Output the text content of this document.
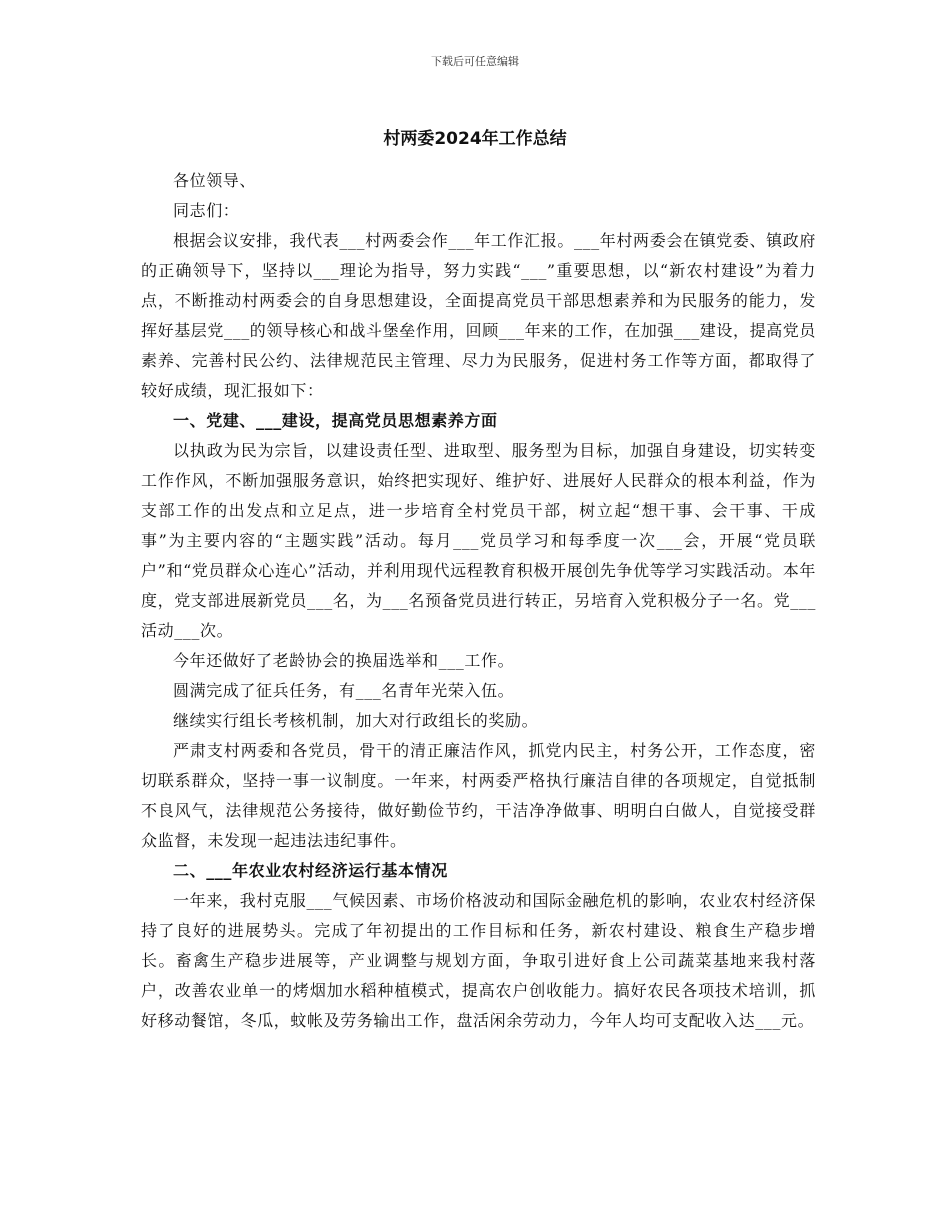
下载后可任意编辑
村两委2024年工作总结

各位领导、

同志们：

根据会议安排，我代表___村两委会作___年工作汇报。___年村两委会在镇党委、镇政府的正确领导下，坚持以___理论为指导，努力实践“___”重要思想，以“新农村建设”为着力点，不断推动村两委会的自身思想建设，全面提高党员干部思想素养和为民服务的能力，发挥好基层党___的领导核心和战斗堡垒作用，回顾___年来的工作，在加强___建设，提高党员素养、完善村民公约、法律规范民主管理、尽力为民服务，促进村务工作等方面，都取得了较好成绩，现汇报如下：

一、党建、___建设，提高党员思想素养方面

以执政为民为宗旨，以建设责任型、进取型、服务型为目标，加强自身建设，切实转变工作作风，不断加强服务意识，始终把实现好、维护好、进展好人民群众的根本利益，作为支部工作的出发点和立足点，进一步培育全村党员干部，树立起“想干事、会干事、干成事”为主要内容的“主题实践”活动。每月___党员学习和每季度一次___会，开展“党员联户”和“党员群众心连心”活动，并利用现代远程教育积极开展创先争优等学习实践活动。本年度，党支部进展新党员___名，为___名预备党员进行转正，另培育入党积极分子一名。党___活动___次。

今年还做好了老龄协会的换届选举和___工作。

圆满完成了征兵任务，有___名青年光荣入伍。

继续实行组长考核机制，加大对行政组长的奖励。

严肃支村两委和各党员，骨干的清正廉洁作风，抓党内民主，村务公开，工作态度，密切联系群众，坚持一事一议制度。一年来，村两委严格执行廉洁自律的各项规定，自觉抵制不良风气，法律规范公务接待，做好勤俭节约，干洁净净做事、明明白白做人，自觉接受群众监督，未发现一起违法违纪事件。

二、___年农业农村经济运行基本情况

一年来，我村克服___气候因素、市场价格波动和国际金融危机的影响，农业农村经济保持了良好的进展势头。完成了年初提出的工作目标和任务，新农村建设、粮食生产稳步增长。畜禽生产稳步进展等，产业调整与规划方面，争取引进好食上公司蔬菜基地来我村落户，改善农业单一的烤烟加水稻种植模式，提高农户创收能力。搞好农民各项技术培训，抓好移动餐馆，冬瓜，蚊帐及劳务输出工作，盘活闲余劳动力，今年人均可支配收入达___元。
